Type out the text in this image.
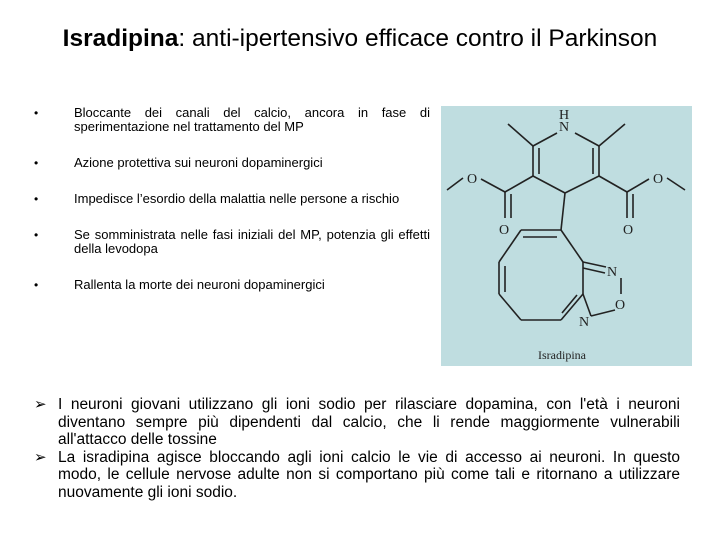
Isradipina: anti-ipertensivo efficace contro il Parkinson
• Bloccante dei canali del calcio, ancora in fase di sperimentazione nel trattamento del MP
• Azione protettiva sui neuroni dopaminergici
• Impedisce l’esordio della malattia nelle persone a rischio
• Se somministrata nelle fasi iniziali del MP, potenzia gli effetti della levodopa
• Rallenta la morte dei neuroni dopaminergici
H
N
O	O
O	O
N
O
N
Isradipina
➢ I neuroni giovani utilizzano gli ioni sodio per rilasciare dopamina, con l'età i neuroni diventano sempre più dipendenti dal calcio, che li rende maggiormente vulnerabili all'attacco delle tossine
➢ La isradipina agisce bloccando agli ioni calcio le vie di accesso ai neuroni. In questo modo, le cellule nervose adulte non si comportano più come tali e ritornano a utilizzare nuovamente gli ioni sodio.
